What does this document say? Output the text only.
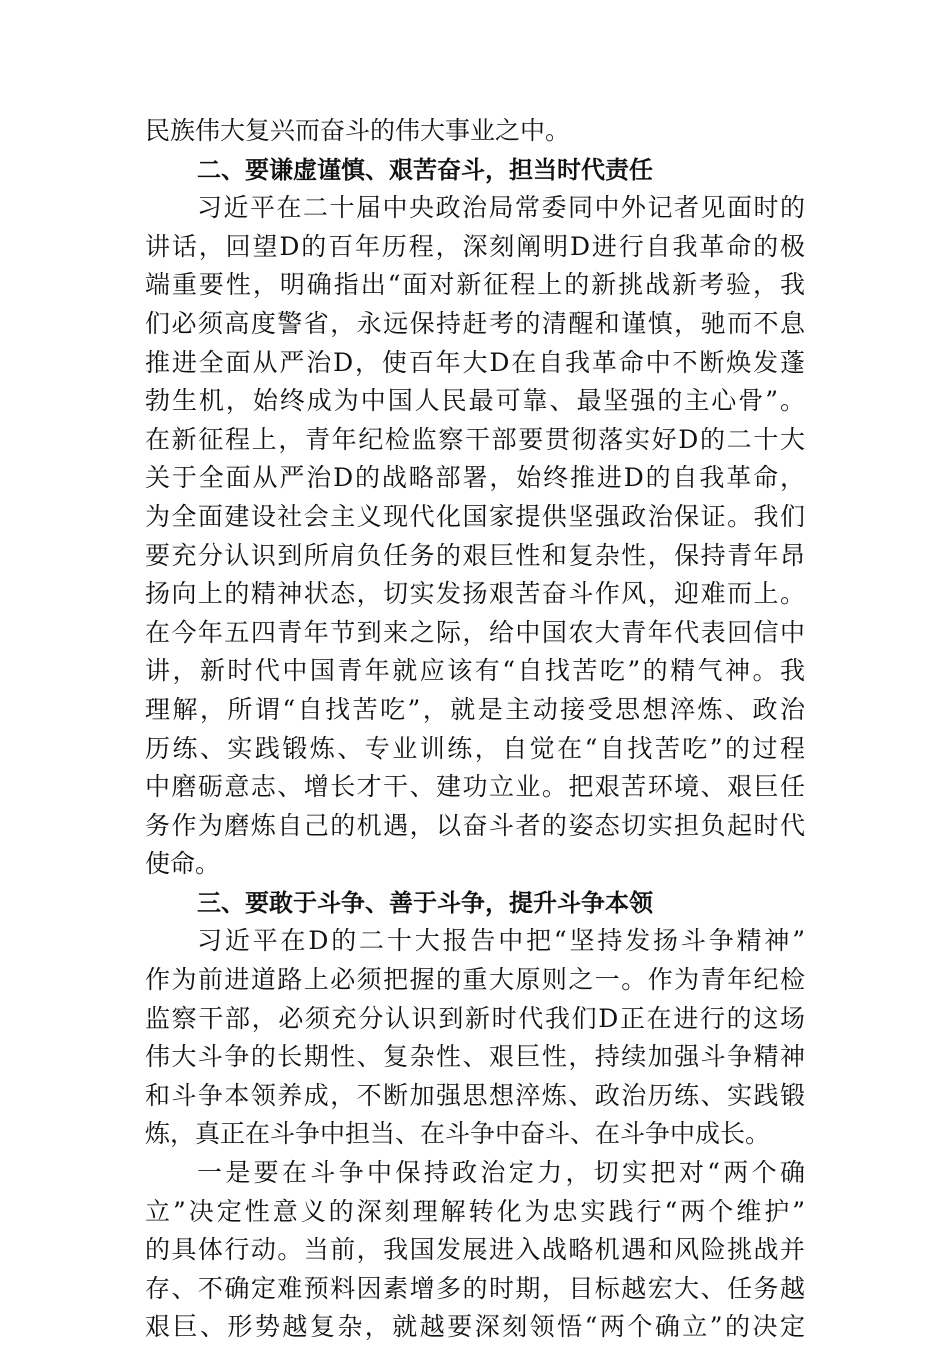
民族伟大复兴而奋斗的伟大事业之中。
二、要谦虚谨慎、艰苦奋斗，担当时代责任
习近平在二十届中央政治局常委同中外记者见面时的
讲话，回望D的百年历程，深刻阐明D进行自我革命的极
端重要性，明确指出“面对新征程上的新挑战新考验，我
们必须高度警省，永远保持赶考的清醒和谨慎，驰而不息
推进全面从严治D，使百年大D在自我革命中不断焕发蓬
勃生机，始终成为中国人民最可靠、最坚强的主心骨”。
在新征程上，青年纪检监察干部要贯彻落实好D的二十大
关于全面从严治D的战略部署，始终推进D的自我革命，
为全面建设社会主义现代化国家提供坚强政治保证。我们
要充分认识到所肩负任务的艰巨性和复杂性，保持青年昂
扬向上的精神状态，切实发扬艰苦奋斗作风，迎难而上。
在今年五四青年节到来之际，给中国农大青年代表回信中
讲，新时代中国青年就应该有“自找苦吃”的精气神。我
理解，所谓“自找苦吃”，就是主动接受思想淬炼、政治
历练、实践锻炼、专业训练，自觉在“自找苦吃”的过程
中磨砺意志、增长才干、建功立业。把艰苦环境、艰巨任
务作为磨炼自己的机遇，以奋斗者的姿态切实担负起时代
使命。
三、要敢于斗争、善于斗争，提升斗争本领
习近平在D的二十大报告中把“坚持发扬斗争精神”
作为前进道路上必须把握的重大原则之一。作为青年纪检
监察干部，必须充分认识到新时代我们D正在进行的这场
伟大斗争的长期性、复杂性、艰巨性，持续加强斗争精神
和斗争本领养成，不断加强思想淬炼、政治历练、实践锻
炼，真正在斗争中担当、在斗争中奋斗、在斗争中成长。
一是要在斗争中保持政治定力，切实把对“两个确
立”决定性意义的深刻理解转化为忠实践行“两个维护”
的具体行动。当前，我国发展进入战略机遇和风险挑战并
存、不确定难预料因素增多的时期，目标越宏大、任务越
艰巨、形势越复杂，就越要深刻领悟“两个确立”的决定
